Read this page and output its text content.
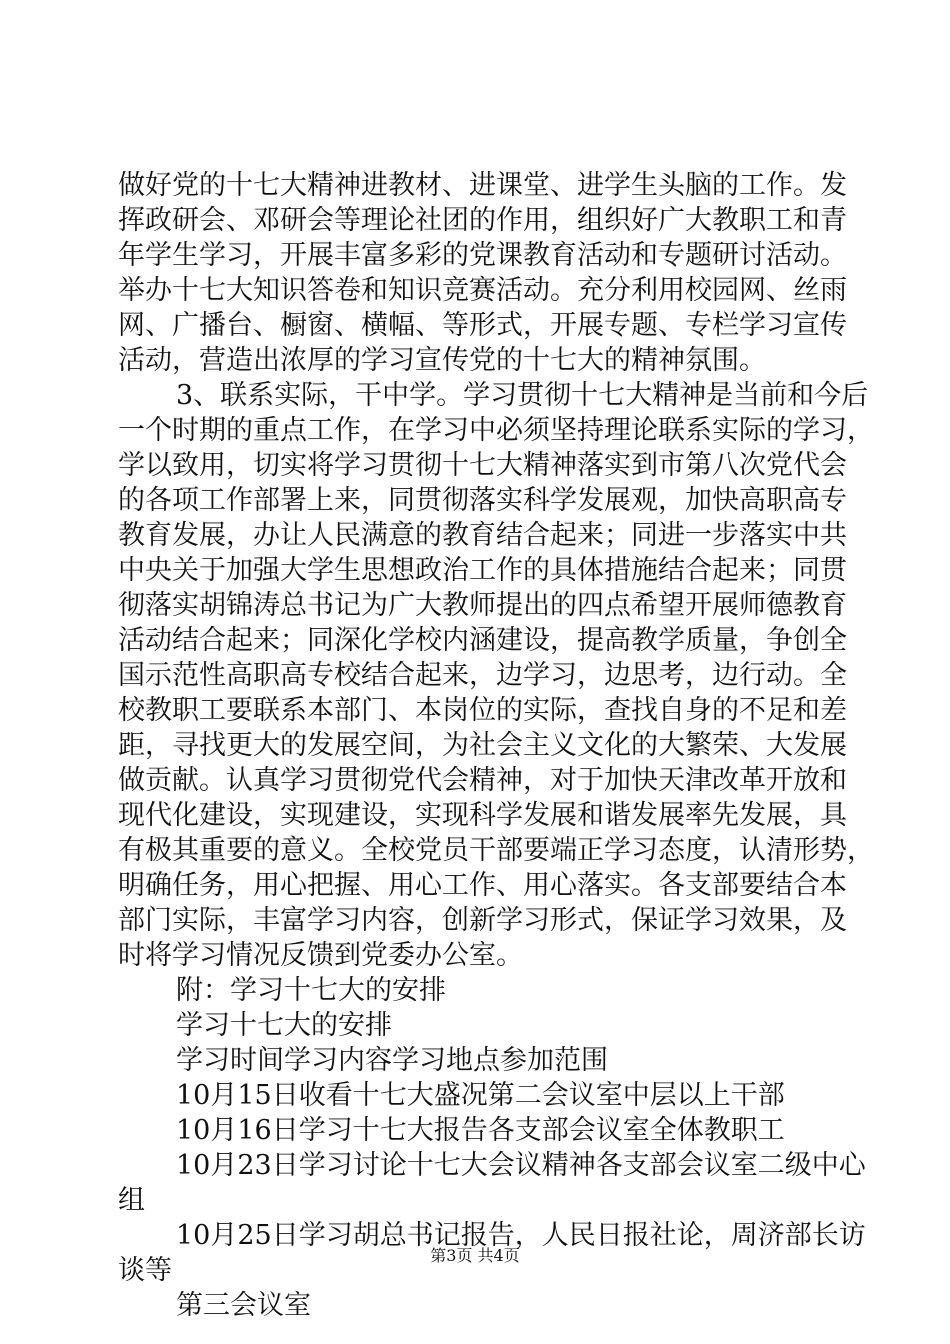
做好党的十七大精神进教材、进课堂、进学生头脑的工作。发
挥政研会、邓研会等理论社团的作用，组织好广大教职工和青
年学生学习，开展丰富多彩的党课教育活动和专题研讨活动。
举办十七大知识答卷和知识竞赛活动。充分利用校园网、丝雨
网、广播台、橱窗、横幅、等形式，开展专题、专栏学习宣传
活动，营造出浓厚的学习宣传党的十七大的精神氛围。
3、联系实际，干中学。学习贯彻十七大精神是当前和今后
一个时期的重点工作，在学习中必须坚持理论联系实际的学习，
学以致用，切实将学习贯彻十七大精神落实到市第八次党代会
的各项工作部署上来，同贯彻落实科学发展观，加快高职高专
教育发展，办让人民满意的教育结合起来；同进一步落实中共
中央关于加强大学生思想政治工作的具体措施结合起来；同贯
彻落实胡锦涛总书记为广大教师提出的四点希望开展师德教育
活动结合起来；同深化学校内涵建设，提高教学质量，争创全
国示范性高职高专校结合起来，边学习，边思考，边行动。全
校教职工要联系本部门、本岗位的实际，查找自身的不足和差
距，寻找更大的发展空间，为社会主义文化的大繁荣、大发展
做贡献。认真学习贯彻党代会精神，对于加快天津改革开放和
现代化建设，实现建设，实现科学发展和谐发展率先发展，具
有极其重要的意义。全校党员干部要端正学习态度，认清形势，
明确任务，用心把握、用心工作、用心落实。各支部要结合本
部门实际，丰富学习内容，创新学习形式，保证学习效果，及
时将学习情况反馈到党委办公室。
附：学习十七大的安排
学习十七大的安排
学习时间学习内容学习地点参加范围
10月15日收看十七大盛况第二会议室中层以上干部
10月16日学习十七大报告各支部会议室全体教职工
10月23日学习讨论十七大会议精神各支部会议室二级中心
组
10月25日学习胡总书记报告，人民日报社论，周济部长访
谈等
第三会议室
第3页 共4页
